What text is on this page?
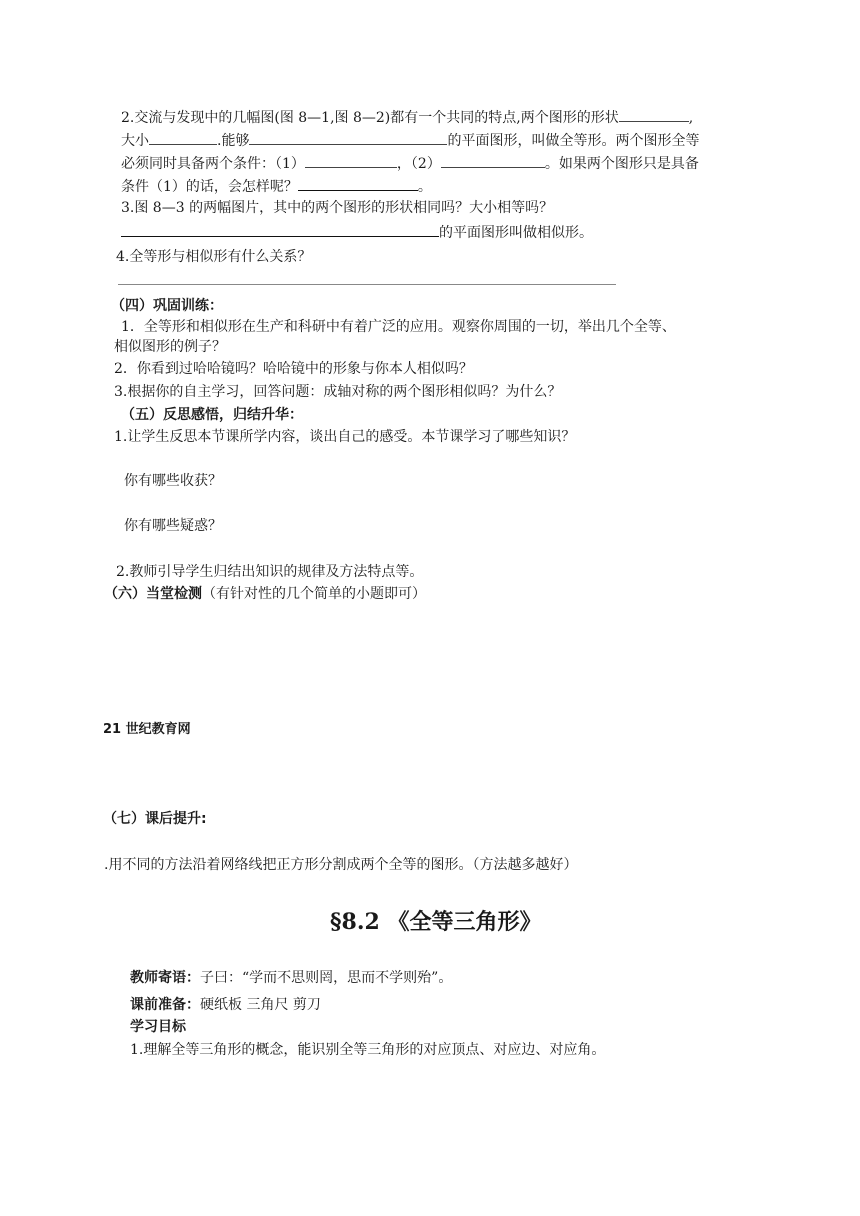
2.交流与发现中的几幅图(图 8—1,图 8—2)都有一个共同的特点,两个图形的形状	,
大小	.能够	的平面图形，叫做全等形。两个图形全等
必须同时具备两个条件：（1）	，（2）	。如果两个图形只是具备
条件（1）的话，会怎样呢？	。
3.图 8—3 的两幅图片，其中的两个图形的形状相同吗？大小相等吗？
的平面图形叫做相似形。
4.全等形与相似形有什么关系？
（四）巩固训练：
1．全等形和相似形在生产和科研中有着广泛的应用。观察你周围的一切，举出几个全等、
相似图形的例子？
2．你看到过哈哈镜吗？哈哈镜中的形象与你本人相似吗？
3.根据你的自主学习，回答问题：成轴对称的两个图形相似吗？为什么？
（五）反思感悟，归结升华：
1.让学生反思本节课所学内容，谈出自己的感受。本节课学习了哪些知识？
你有哪些收获？
你有哪些疑惑？
2.教师引导学生归结出知识的规律及方法特点等。
（六）当堂检测（有针对性的几个简单的小题即可）
21 世纪教育网
（七）课后提升:
.用不同的方法沿着网络线把正方形分割成两个全等的图形。（方法越多越好）
§8.2 《全等三角形》
教师寄语：子曰：“学而不思则罔，思而不学则殆”。
课前准备：硬纸板 三角尺 剪刀
学习目标
1.理解全等三角形的概念，能识别全等三角形的对应顶点、对应边、对应角。
